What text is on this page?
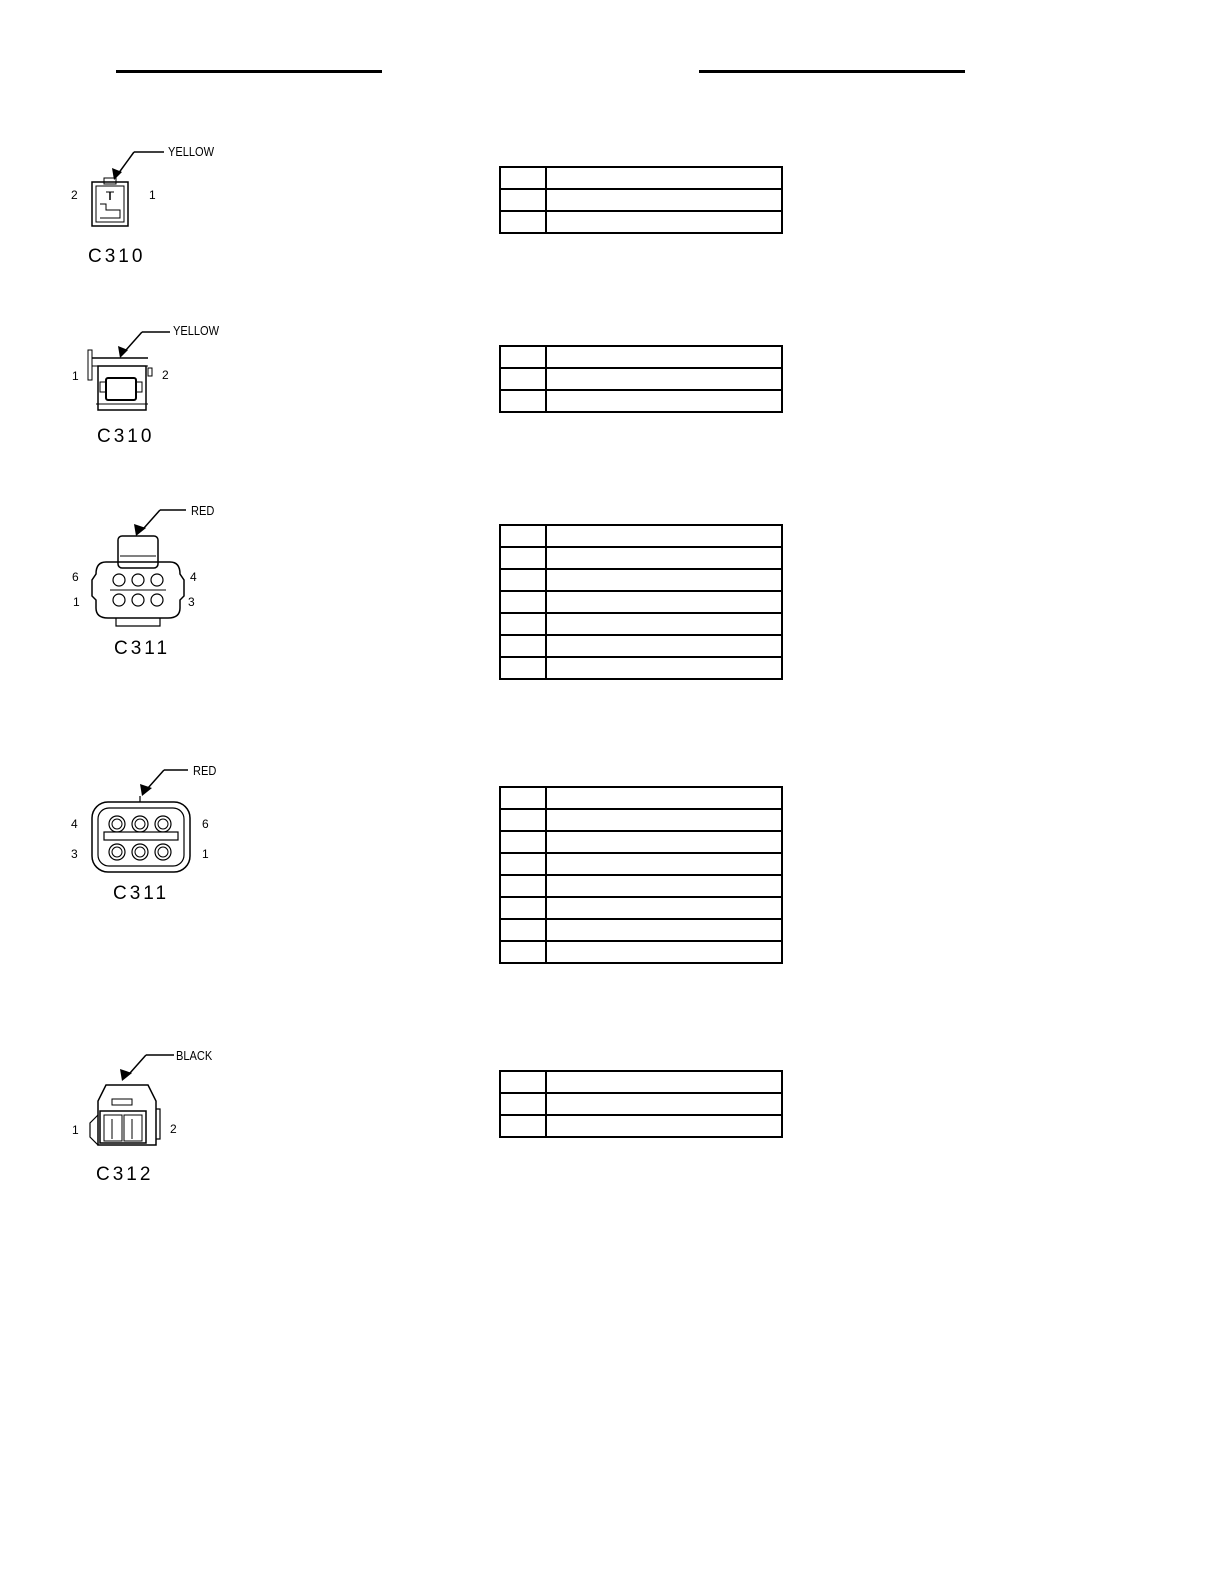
YELLOW
2	1
C310

YELLOW
1	2
C310

RED
6	4
1	3
C311

RED
4	6
3	1
C311

BLACK
1	2
C312
